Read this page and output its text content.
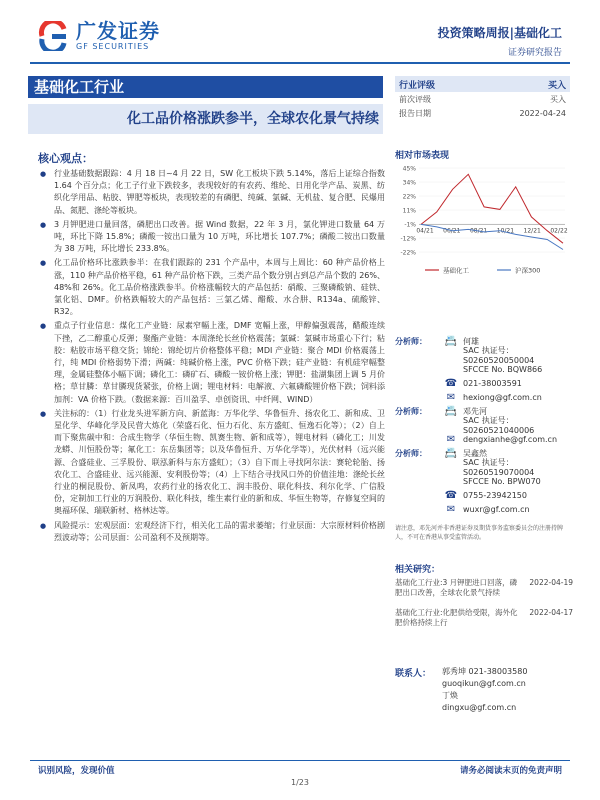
广发证券
GF SECURITIES
投资策略周报|基础化工
证券研究报告
基础化工行业
化工品价格涨跌参半，全球农化景气持续
行业评级	买入
前次评级	买入
报告日期	2022-04-24
核心观点：
● 行业基础数据跟踪：4 月 18 日~4 月 22 日，SW 化工板块下跌 5.14%，落后上证综合指数 1.64 个百分点；化工子行业下跌较多，表现较好的有农药、维纶、日用化学产品、炭黑、纺织化学用品、粘胶、钾肥等板块，表现较差的有磷肥、纯碱、氯碱、无机盐、复合肥、民爆用品、氮肥、涤纶等板块。
● 3 月钾肥进口量回落，磷肥出口改善。据 Wind 数据，22 年 3 月，氯化钾进口数量 64 万吨，环比下降 15.8%；磷酸一铵出口量为 10 万吨，环比增长 107.7%；磷酸二铵出口数量为 38 万吨，环比增长 233.8%。
● 化工品价格环比涨跌参半：在我们跟踪的 231 个产品中，本周与上周比：60 种产品价格上涨，110 种产品价格平稳，61 种产品价格下跌，三类产品个数分别占到总产品个数的 26%、48%和 26%。化工品价格涨跌参半。价格涨幅较大的产品包括：硝酸、三聚磷酸钠、硅铁、氯化铝、DMF。价格跌幅较大的产品包括：三氯乙烯、醋酸、水合肼、R134a、硫酸锌、R32。
● 重点子行业信息：煤化工产业链：尿素窄幅上涨，DMF 宽幅上涨，甲醇偏强震荡，醋酸连续下挫，乙二醇重心反弹；聚酯产业链：本周涤纶长丝价格震荡；氯碱：氯碱市场重心下行；粘胶：粘胶市场平稳交货；锦纶：锦纶切片价格整体平稳；MDI 产业链：聚合 MDI 价格震荡上行，纯 MDI 价格弱势下滑；两碱：纯碱价格上涨，PVC 价格下跌；硅产业链：有机硅窄幅整理，金属硅整体小幅下调；磷化工：磷矿石、磷酸一铵价格上涨；钾肥：盐湖集团上调 5 月价格；草甘膦：草甘膦现货紧张，价格上调；锂电材料：电解液、六氟磷酸锂价格下跌；饲料添加剂：VA 价格下跌。（数据来源：百川盈孚、卓创资讯、中纤网、WIND）
● 关注标的：（1）行业龙头进军新方向、新蓝海：万华化学、华鲁恒升、扬农化工、新和成、卫星化学、华峰化学及民营大炼化（荣盛石化、恒力石化、东方盛虹、恒逸石化等）；（2）自上而下聚焦碳中和：合成生物学（华恒生物、凯赛生物、新和成等），锂电材料（磷化工；川发龙蟒、川恒股份等；氟化工：东岳集团等；以及华鲁恒升、万华化学等），光伏材料（远兴能源、合盛硅业、三孚股份、联泓新科与东方盛虹）；（3）自下而上寻找阿尔法：赛轮轮胎、扬农化工、合盛硅业、远兴能源、安利股份等；（4）上下结合寻找风口外的价值洼地：涤纶长丝行业的桐昆股份、新凤鸣，农药行业的扬农化工、润丰股份、联化科技、利尔化学、广信股份，定制加工行业的万润股份、联化科技，维生素行业的新和成、华恒生物等，存修复空间的奥福环保、瑞联新材、格林达等。
● 风险提示：宏观层面：宏观经济下行，相关化工品的需求萎缩；行业层面：大宗原材料价格剧烈波动等；公司层面：公司盈利不及预期等。
相对市场表现
45%
34%
22%
11%
-1%
-12%
-22%
04/21 06/21 08/21 10/21 12/21 02/22
基础化工	沪深300
分析师：	📇 何雄
SAC 执证号：S0260520050004
SFCCE No. BQW866
☎ 021-38003591
✉ hexiong@gf.com.cn
分析师：	📇 邓先河
SAC 执证号：S0260521040006
✉ dengxianhe@gf.com.cn
分析师：	📇 吴鑫然
SAC 执证号：S0260519070004
SFCCE No. BPW070
☎ 0755-23942150
✉ wuxr@gf.com.cn
请注意，邓先河并非香港证券及期货事务监察委员会的注册持牌人，不可在香港从事受监管活动。
相关研究：
基础化工行业:3 月钾肥进口回落，磷肥出口改善，全球农化景气持续
2022-04-19
基础化工行业:化肥供给受限，海外化肥价格持续上行
2022-04-17
联系人： 郭秀坤 021-38003580
guoqikun@gf.com.cn
丁焕
dingxu@gf.com.cn
识别风险，发现价值	请务必阅读末页的免责声明
1/23
